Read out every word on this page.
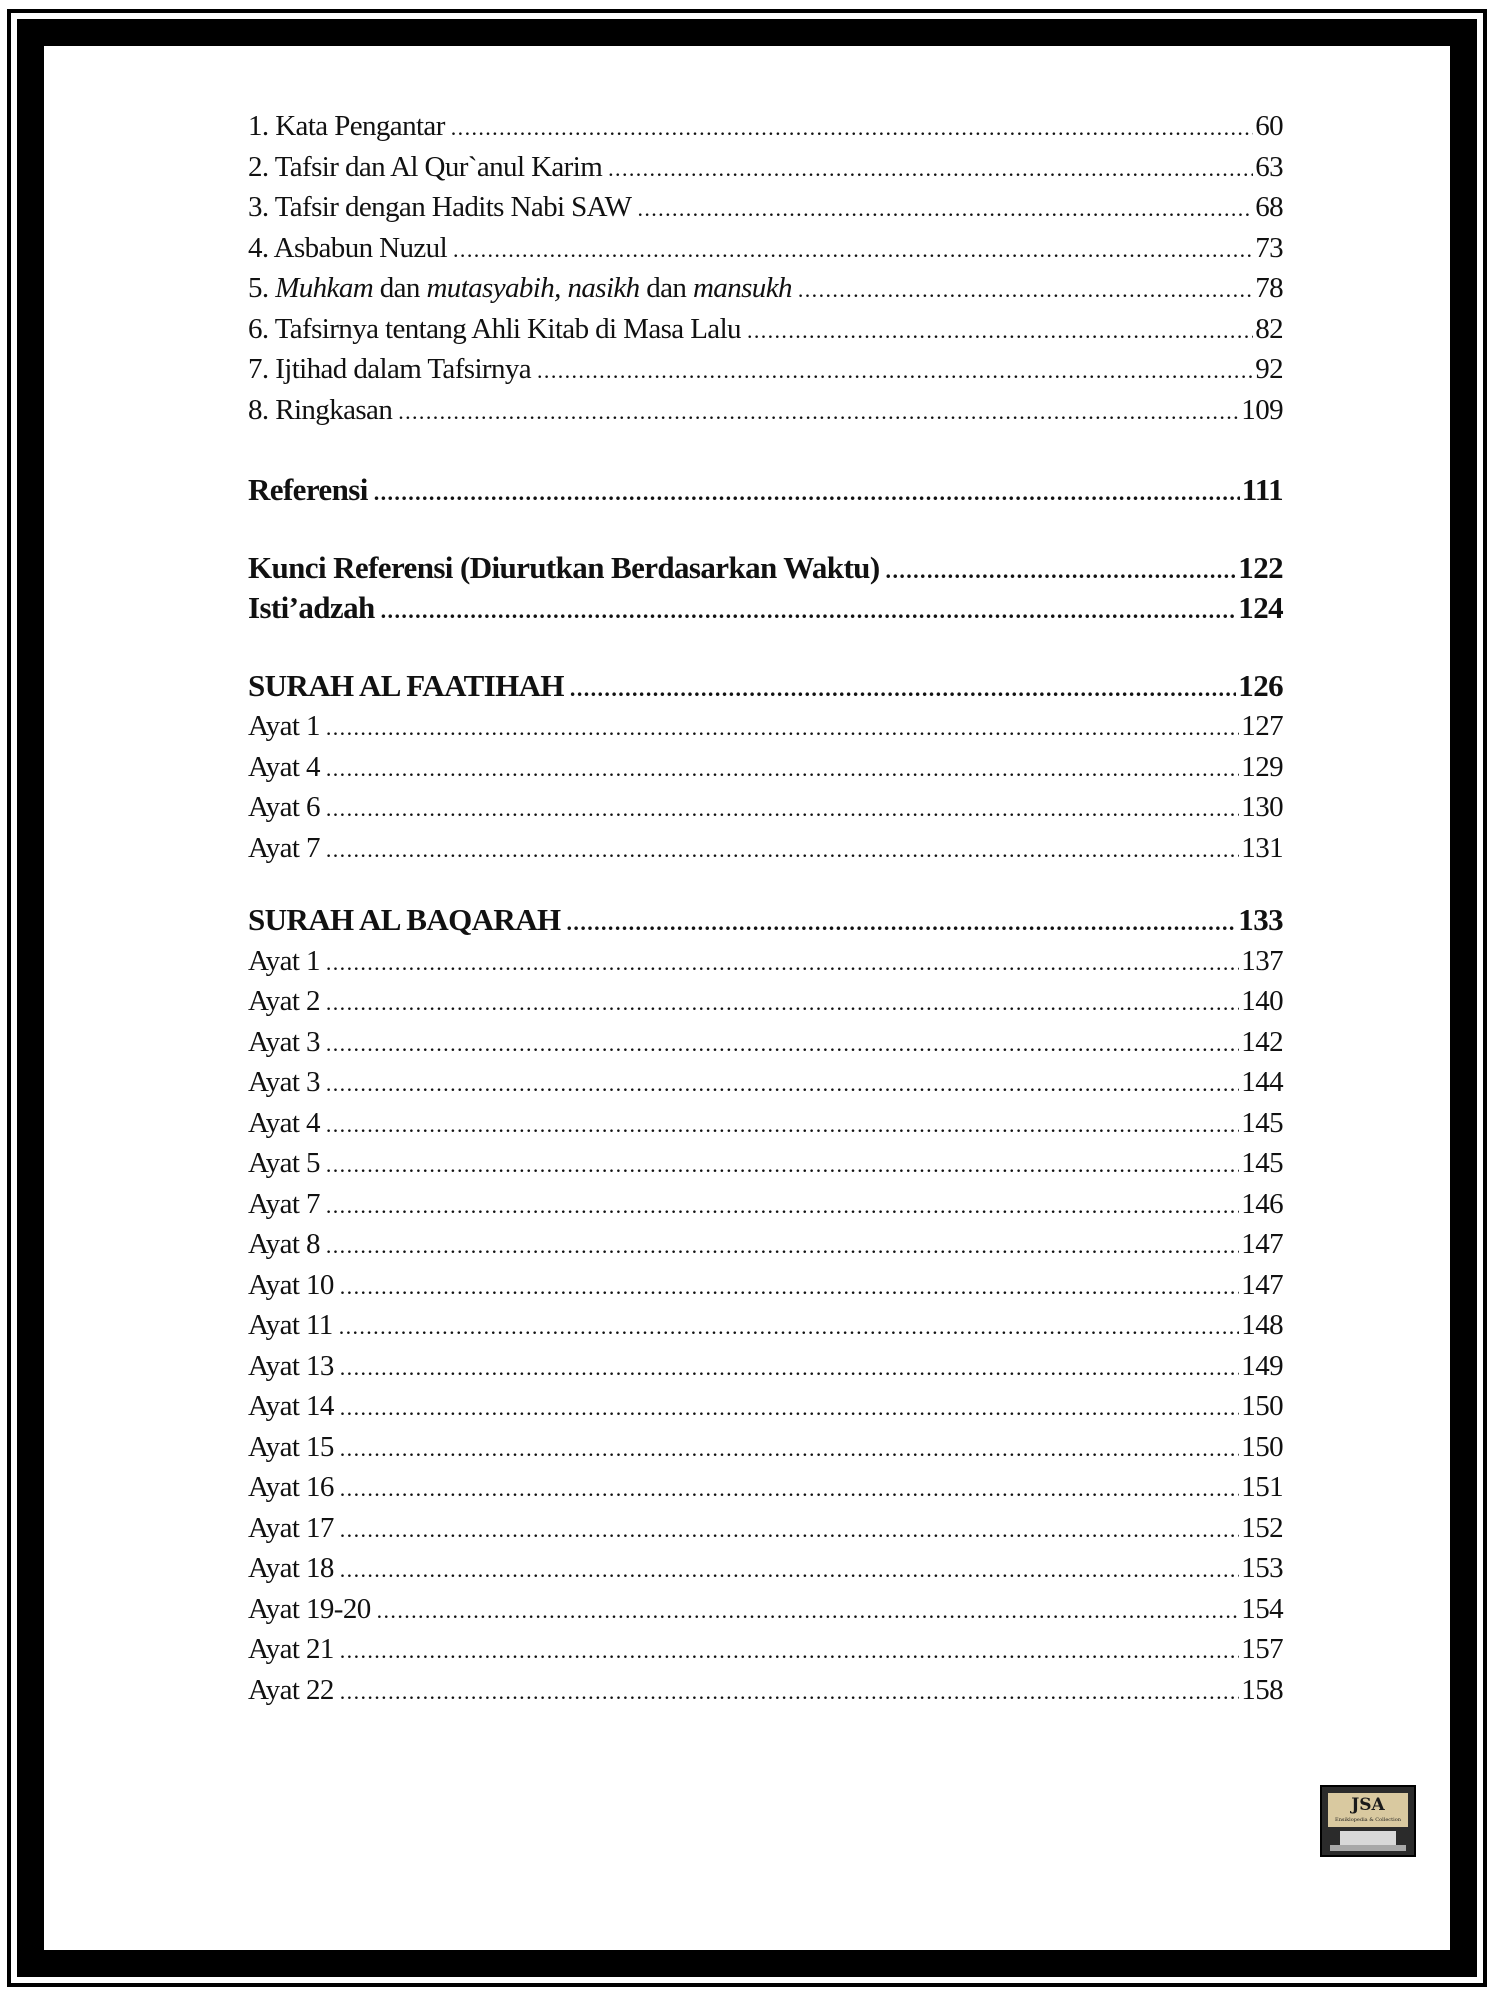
1. Kata Pengantar .....	60
2. Tafsir dan Al Qur`anul Karim .....	63
3. Tafsir dengan Hadits Nabi SAW .....	68
4. Asbabun Nuzul .....	73
5. Muhkam dan mutasyabih, nasikh dan mansukh .....	78
6. Tafsirnya tentang Ahli Kitab di Masa Lalu .....	82
7. Ijtihad dalam Tafsirnya .....	92
8. Ringkasan .....	109
Referensi .....	111
Kunci Referensi (Diurutkan Berdasarkan Waktu) .....	122
Isti’adzah .....	124
SURAH AL FAATIHAH .....	126
Ayat 1 .....	127
Ayat 4 .....	129
Ayat 6 .....	130
Ayat 7 .....	131
SURAH AL BAQARAH .....	133
Ayat 1 .....	137
Ayat 2 .....	140
Ayat 3 .....	142
Ayat 3 .....	144
Ayat 4 .....	145
Ayat 5 .....	145
Ayat 7 .....	146
Ayat 8 .....	147
Ayat 10 .....	147
Ayat 11 .....	148
Ayat 13 .....	149
Ayat 14 .....	150
Ayat 15 .....	150
Ayat 16 .....	151
Ayat 17 .....	152
Ayat 18 .....	153
Ayat 19-20 .....	154
Ayat 21 .....	157
Ayat 22 .....	158
JSA
Ensiklopedia & Collection
